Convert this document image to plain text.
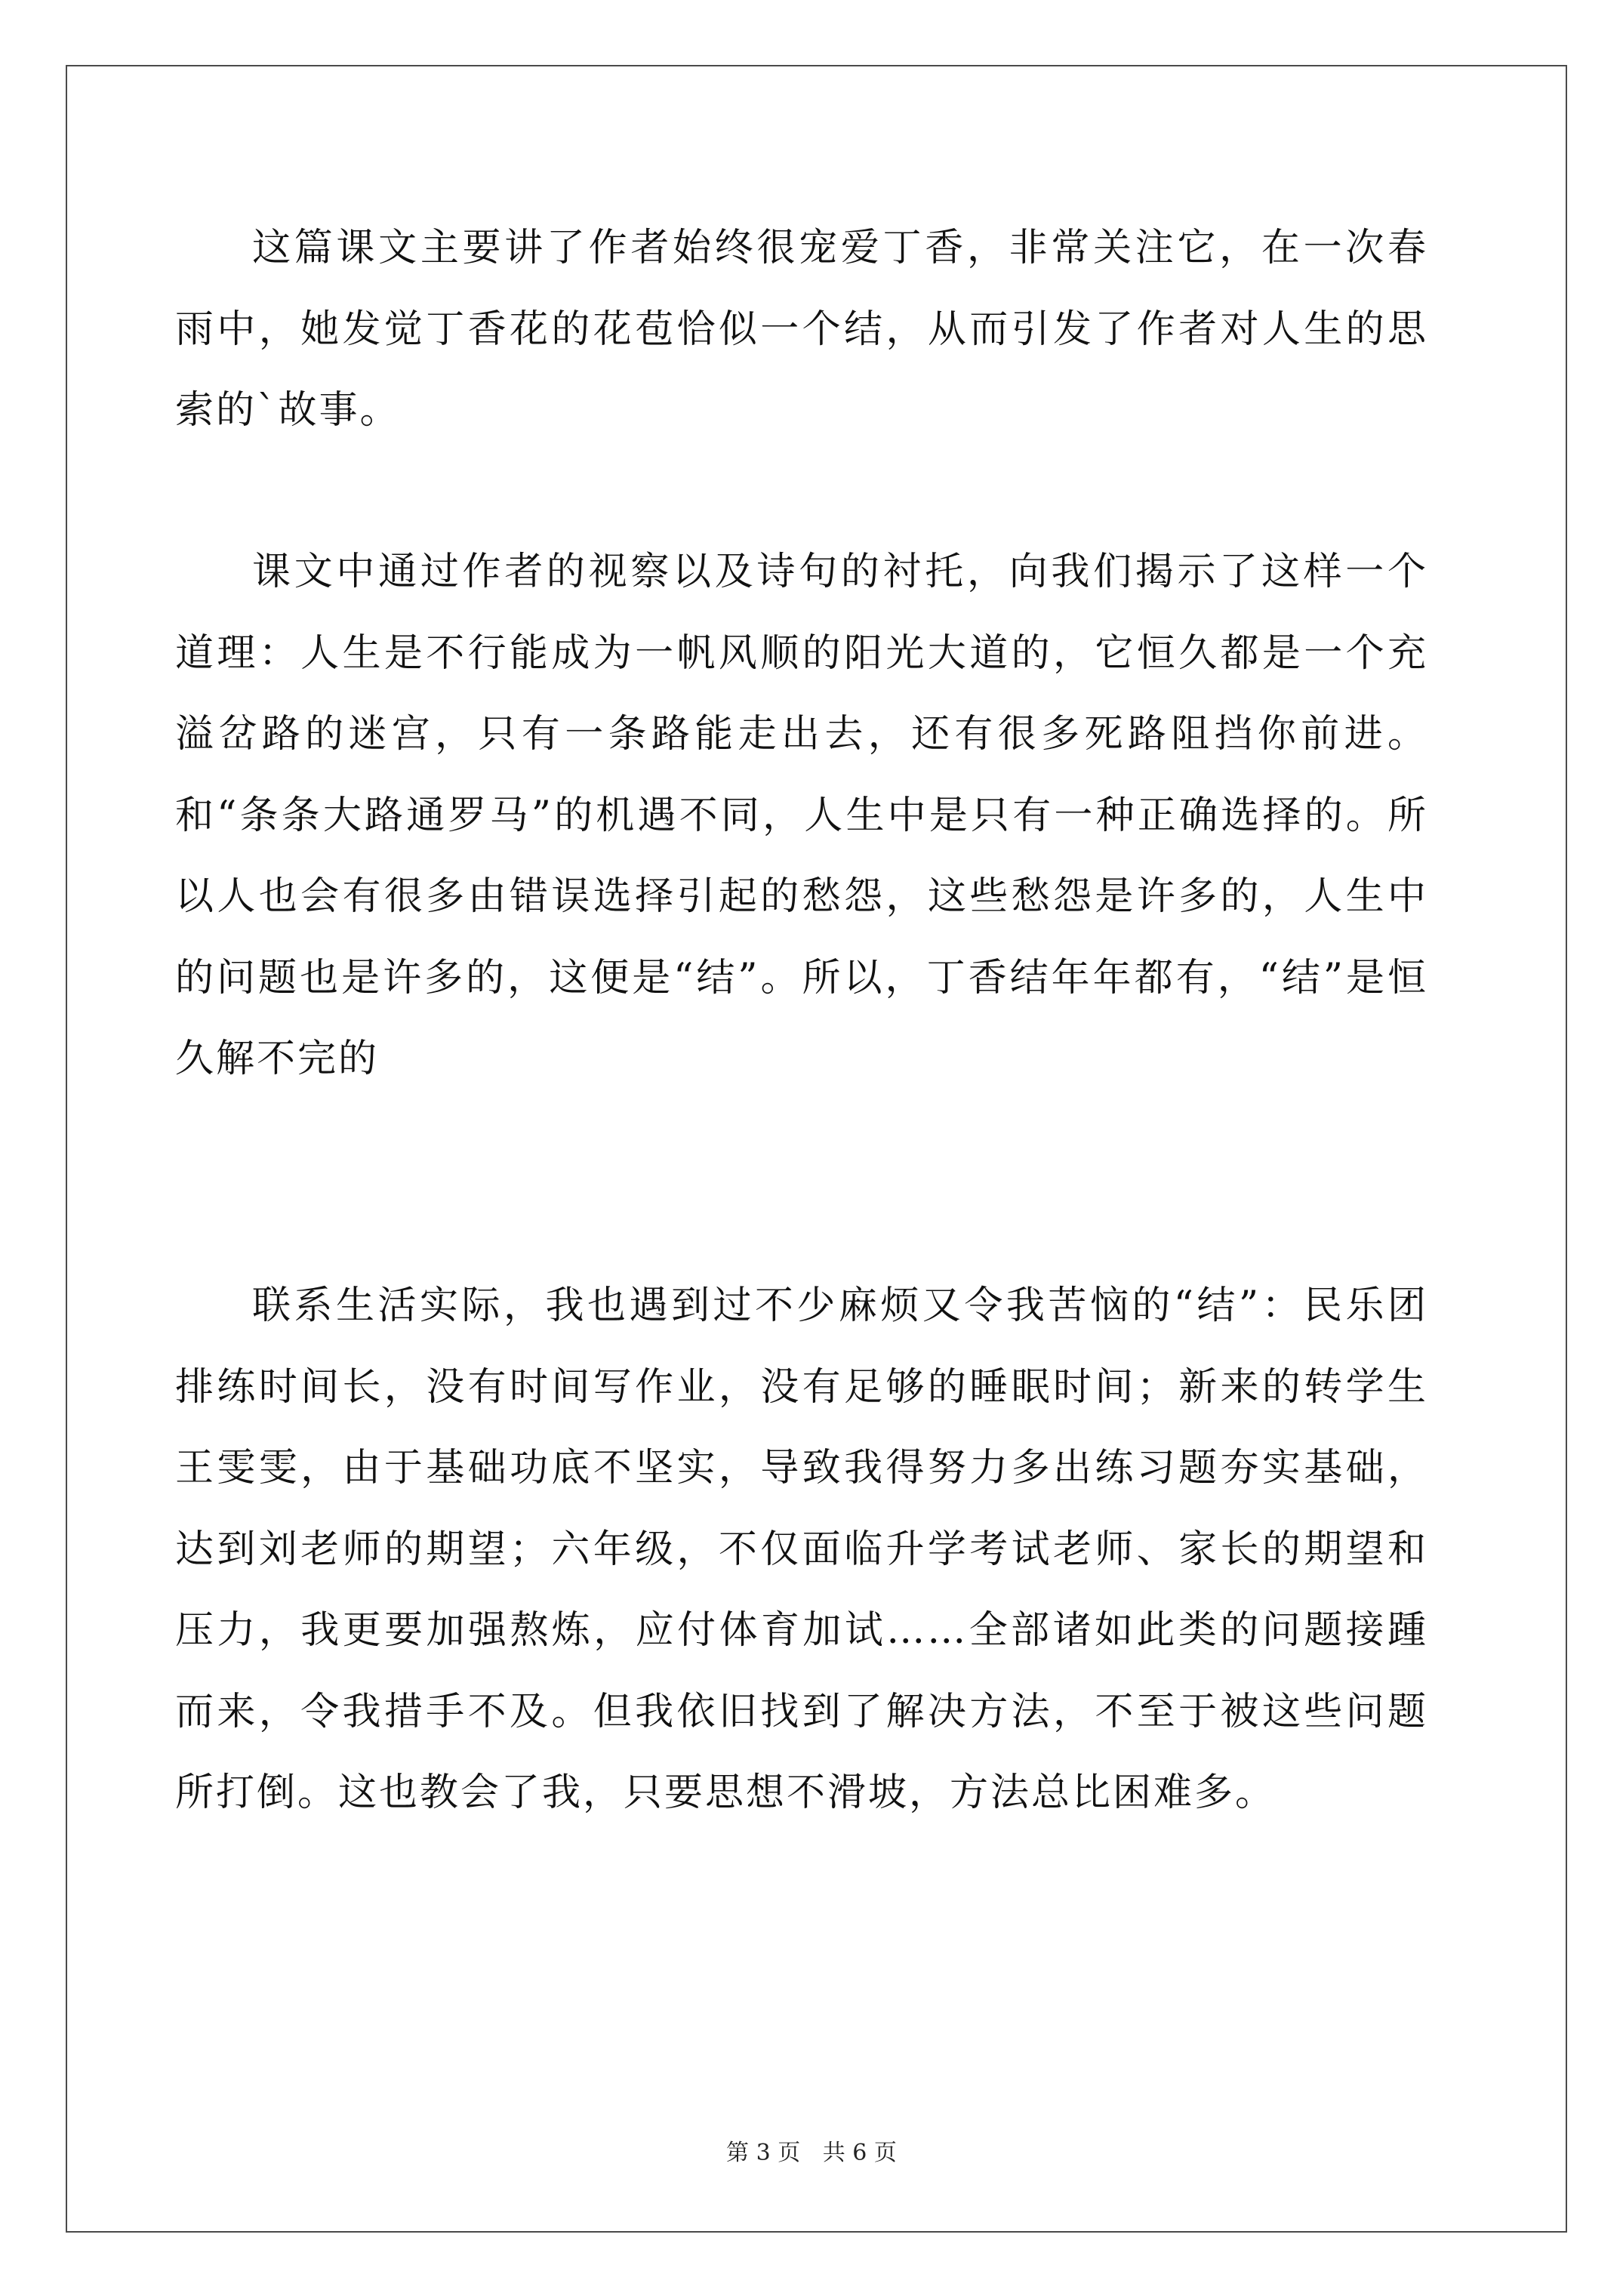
这篇课文主要讲了作者始终很宠爱丁香，非常关注它，在一次春雨中，她发觉丁香花的花苞恰似一个结，从而引发了作者对人生的思索的`故事。

课文中通过作者的视察以及诗句的衬托，向我们揭示了这样一个道理：人生是不行能成为一帆风顺的阳光大道的，它恒久都是一个充溢岔路的迷宫，只有一条路能走出去，还有很多死路阻挡你前进。和“条条大路通罗马”的机遇不同，人生中是只有一种正确选择的。所以人也会有很多由错误选择引起的愁怨，这些愁怨是许多的，人生中的问题也是许多的，这便是“结”。所以，丁香结年年都有，“结”是恒久解不完的

联系生活实际，我也遇到过不少麻烦又令我苦恼的“结”：民乐团排练时间长，没有时间写作业，没有足够的睡眠时间；新来的转学生王雯雯，由于基础功底不坚实，导致我得努力多出练习题夯实基础，达到刘老师的期望；六年级，不仅面临升学考试老师、家长的期望和压力，我更要加强熬炼，应付体育加试……全部诸如此类的问题接踵而来，令我措手不及。但我依旧找到了解决方法，不至于被这些问题所打倒。这也教会了我，只要思想不滑坡，方法总比困难多。

第 3 页 共 6 页
